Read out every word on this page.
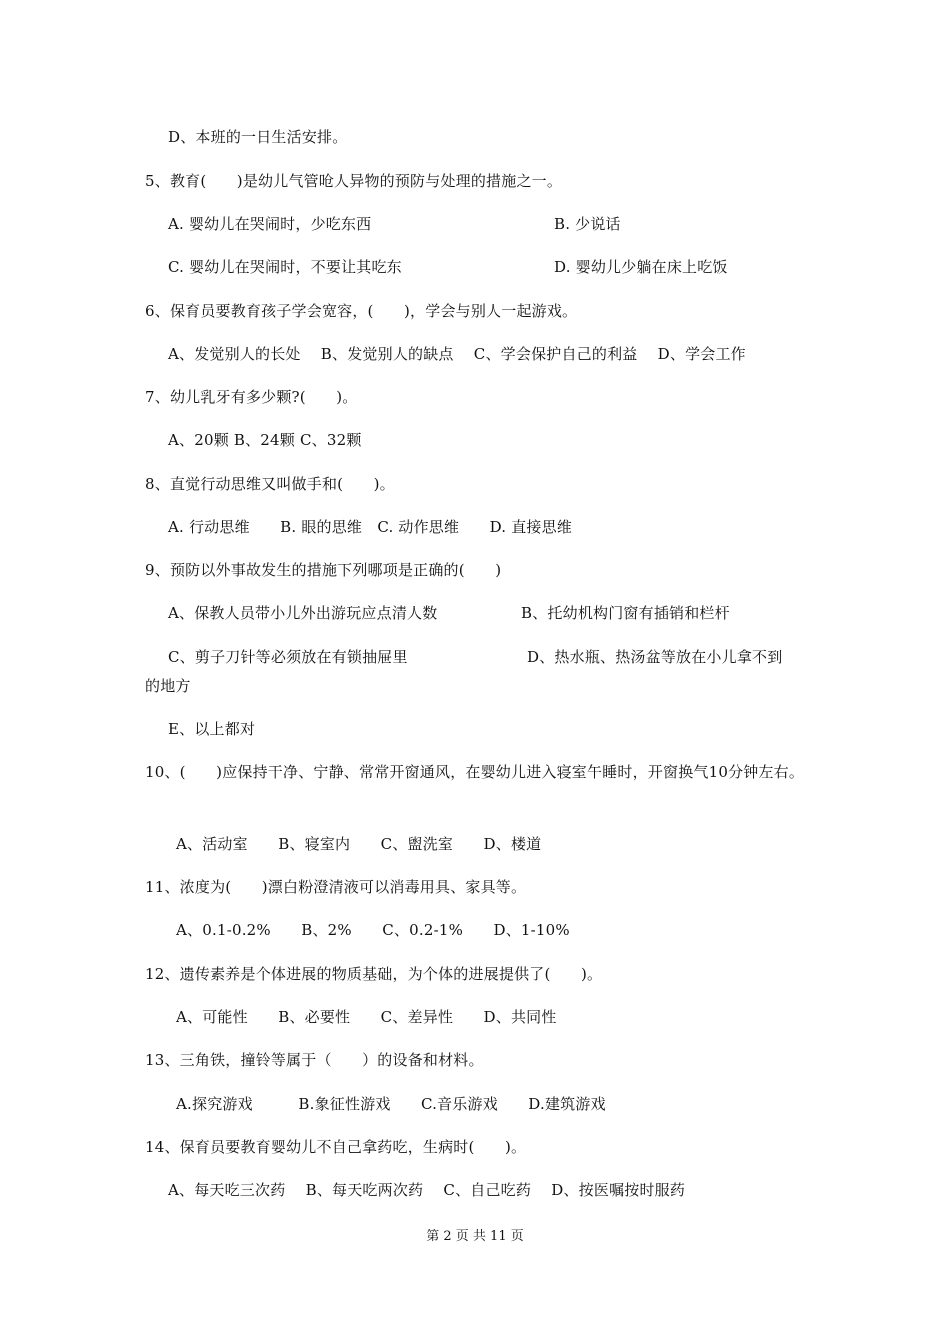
D、本班的一日生活安排。
5、教育(　　)是幼儿气管呛人异物的预防与处理的措施之一。
A. 婴幼儿在哭闹时，少吃东西	B. 少说话
C. 婴幼儿在哭闹时，不要让其吃东	D. 婴幼儿少躺在床上吃饭
6、保育员要教育孩子学会宽容，(　　)，学会与别人一起游戏。
A、发觉别人的长处　 B、发觉别人的缺点　 C、学会保护自己的利益　 D、学会工作
7、幼儿乳牙有多少颗?(　　)。
A、20颗 B、24颗 C、32颗
8、直觉行动思维又叫做手和(　　)。
A. 行动思维　　B. 眼的思维　C. 动作思维　　D. 直接思维
9、预防以外事故发生的措施下列哪项是正确的(　　)
A、保教人员带小儿外出游玩应点清人数	B、托幼机构门窗有插销和栏杆
C、剪子刀针等必须放在有锁抽屉里	D、热水瓶、热汤盆等放在小儿拿不到
的地方
E、以上都对
10、(　　)应保持干净、宁静、常常开窗通风，在婴幼儿进入寝室午睡时，开窗换气10分钟左右。
A、活动室　　B、寝室内　　C、盥洗室　　D、楼道
11、浓度为(　　)漂白粉澄清液可以消毒用具、家具等。
A、0.1-0.2%　　B、2%　　C、0.2-1%　　D、1-10%
12、遗传素养是个体进展的物质基础，为个体的进展提供了(　　)。
A、可能性　　B、必要性　　C、差异性　　D、共同性
13、三角铁，撞铃等属于（　　）的设备和材料。
A.探究游戏　　　B.象征性游戏　　C.音乐游戏　　D.建筑游戏
14、保育员要教育婴幼儿不自己拿药吃，生病时(　　)。
A、每天吃三次药　 B、每天吃两次药　 C、自己吃药　 D、按医嘱按时服药
第 2 页 共 11 页
